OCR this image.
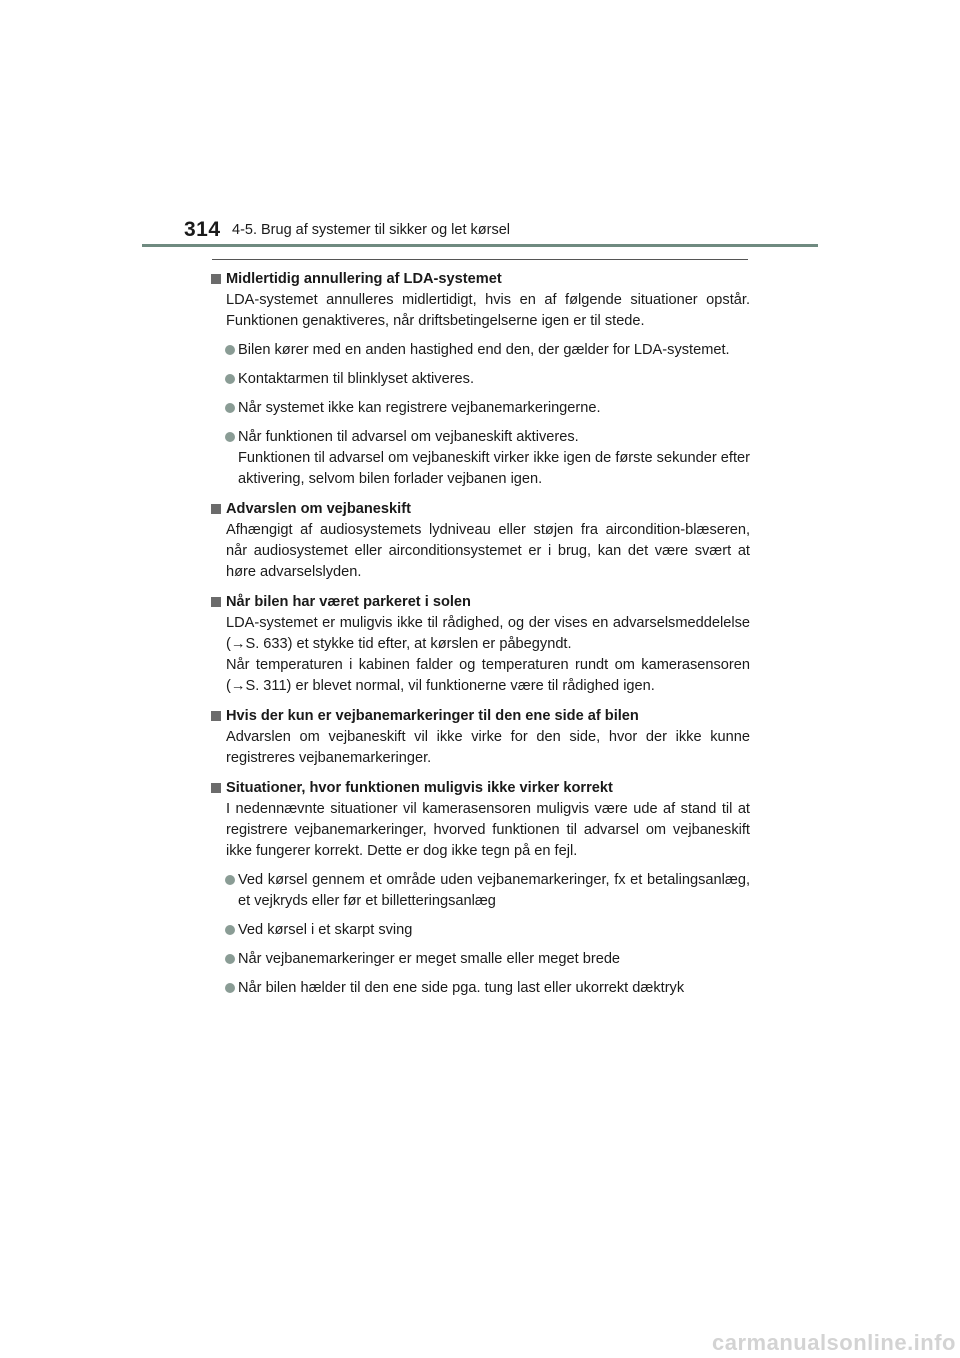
314 4-5. Brug af systemer til sikker og let kørsel

Midlertidig annullering af LDA-systemet

LDA-systemet annulleres midlertidigt, hvis en af følgende situationer opstår. Funktionen genaktiveres, når driftsbetingelserne igen er til stede.

Bilen kører med en anden hastighed end den, der gælder for LDA-systemet.

Kontaktarmen til blinklyset aktiveres.

Når systemet ikke kan registrere vejbanemarkeringerne.

Når funktionen til advarsel om vejbaneskift aktiveres.
Funktionen til advarsel om vejbaneskift virker ikke igen de første sekunder efter aktivering, selvom bilen forlader vejbanen igen.

Advarslen om vejbaneskift

Afhængigt af audiosystemets lydniveau eller støjen fra aircondition-blæseren, når audiosystemet eller airconditionsystemet er i brug, kan det være svært at høre advarselslyden.

Når bilen har været parkeret i solen

LDA-systemet er muligvis ikke til rådighed, og der vises en advarselsmeddelelse (→S. 633) et stykke tid efter, at kørslen er påbegyndt.

Når temperaturen i kabinen falder og temperaturen rundt om kamerasensoren (→S. 311) er blevet normal, vil funktionerne være til rådighed igen.

Hvis der kun er vejbanemarkeringer til den ene side af bilen

Advarslen om vejbaneskift vil ikke virke for den side, hvor der ikke kunne registreres vejbanemarkeringer.

Situationer, hvor funktionen muligvis ikke virker korrekt

I nedennævnte situationer vil kamerasensoren muligvis være ude af stand til at registrere vejbanemarkeringer, hvorved funktionen til advarsel om vejbaneskift ikke fungerer korrekt. Dette er dog ikke tegn på en fejl.

Ved kørsel gennem et område uden vejbanemarkeringer, fx et betalingsanlæg, et vejkryds eller før et billetteringsanlæg

Ved kørsel i et skarpt sving

Når vejbanemarkeringer er meget smalle eller meget brede

Når bilen hælder til den ene side pga. tung last eller ukorrekt dæktryk

carmanualsonline.info
